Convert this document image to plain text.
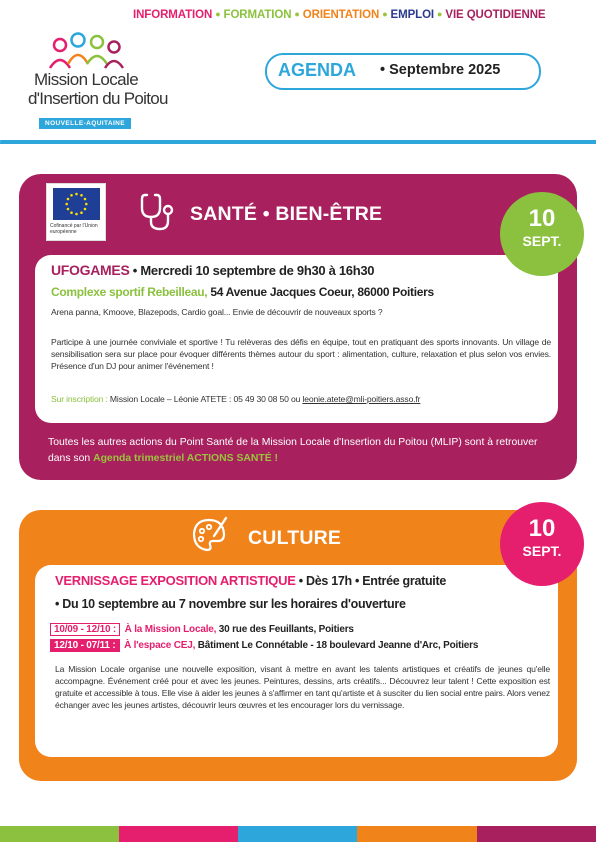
INFORMATION ● FORMATION ● ORIENTATION ● EMPLOI ● VIE QUOTIDIENNE
AGENDA • Septembre 2025
Mission Locale
d'Insertion du Poitou
NOUVELLE-AQUITAINE
Cofinancé par l'Union européenne
SANTÉ • BIEN-ÊTRE	10
SEPT.
UFOGAMES • Mercredi 10 septembre de 9h30 à 16h30
Complexe sportif Rebeilleau, 54 Avenue Jacques Coeur, 86000 Poitiers
Arena panna, Kmoove, Blazepods, Cardio goal... Envie de découvrir de nouveaux sports ?
Participe à une journée conviviale et sportive ! Tu relèveras des défis en équipe, tout en pratiquant des sports innovants. Un village de sensibilisation sera sur place pour évoquer différents thèmes autour du sport : alimentation, culture, relaxation et plus selon vos envies. Présence d'un DJ pour animer l'événement !
Sur inscription : Mission Locale – Léonie ATETE : 05 49 30 08 50 ou leonie.atete@mli-poitiers.asso.fr
Toutes les autres actions du Point Santé de la Mission Locale d'Insertion du Poitou (MLIP) sont à retrouver dans son Agenda trimestriel ACTIONS SANTÉ !
CULTURE	10
SEPT.
VERNISSAGE EXPOSITION ARTISTIQUE • Dès 17h • Entrée gratuite
• Du 10 septembre au 7 novembre sur les horaires d'ouverture
10/09 - 12/10 : À la Mission Locale, 30 rue des Feuillants, Poitiers
12/10 - 07/11 : À l'espace CEJ, Bâtiment Le Connétable - 18 boulevard Jeanne d'Arc, Poitiers
La Mission Locale organise une nouvelle exposition, visant à mettre en avant les talents artistiques et créatifs de jeunes qu'elle accompagne. Événement créé pour et avec les jeunes. Peintures, dessins, arts créatifs... Découvrez leur talent ! Cette exposition est gratuite et accessible à tous. Elle vise à aider les jeunes à s'affirmer en tant qu'artiste et à susciter du lien social entre pairs. Alors venez échanger avec les jeunes artistes, découvrir leurs œuvres et les encourager lors du vernissage.
